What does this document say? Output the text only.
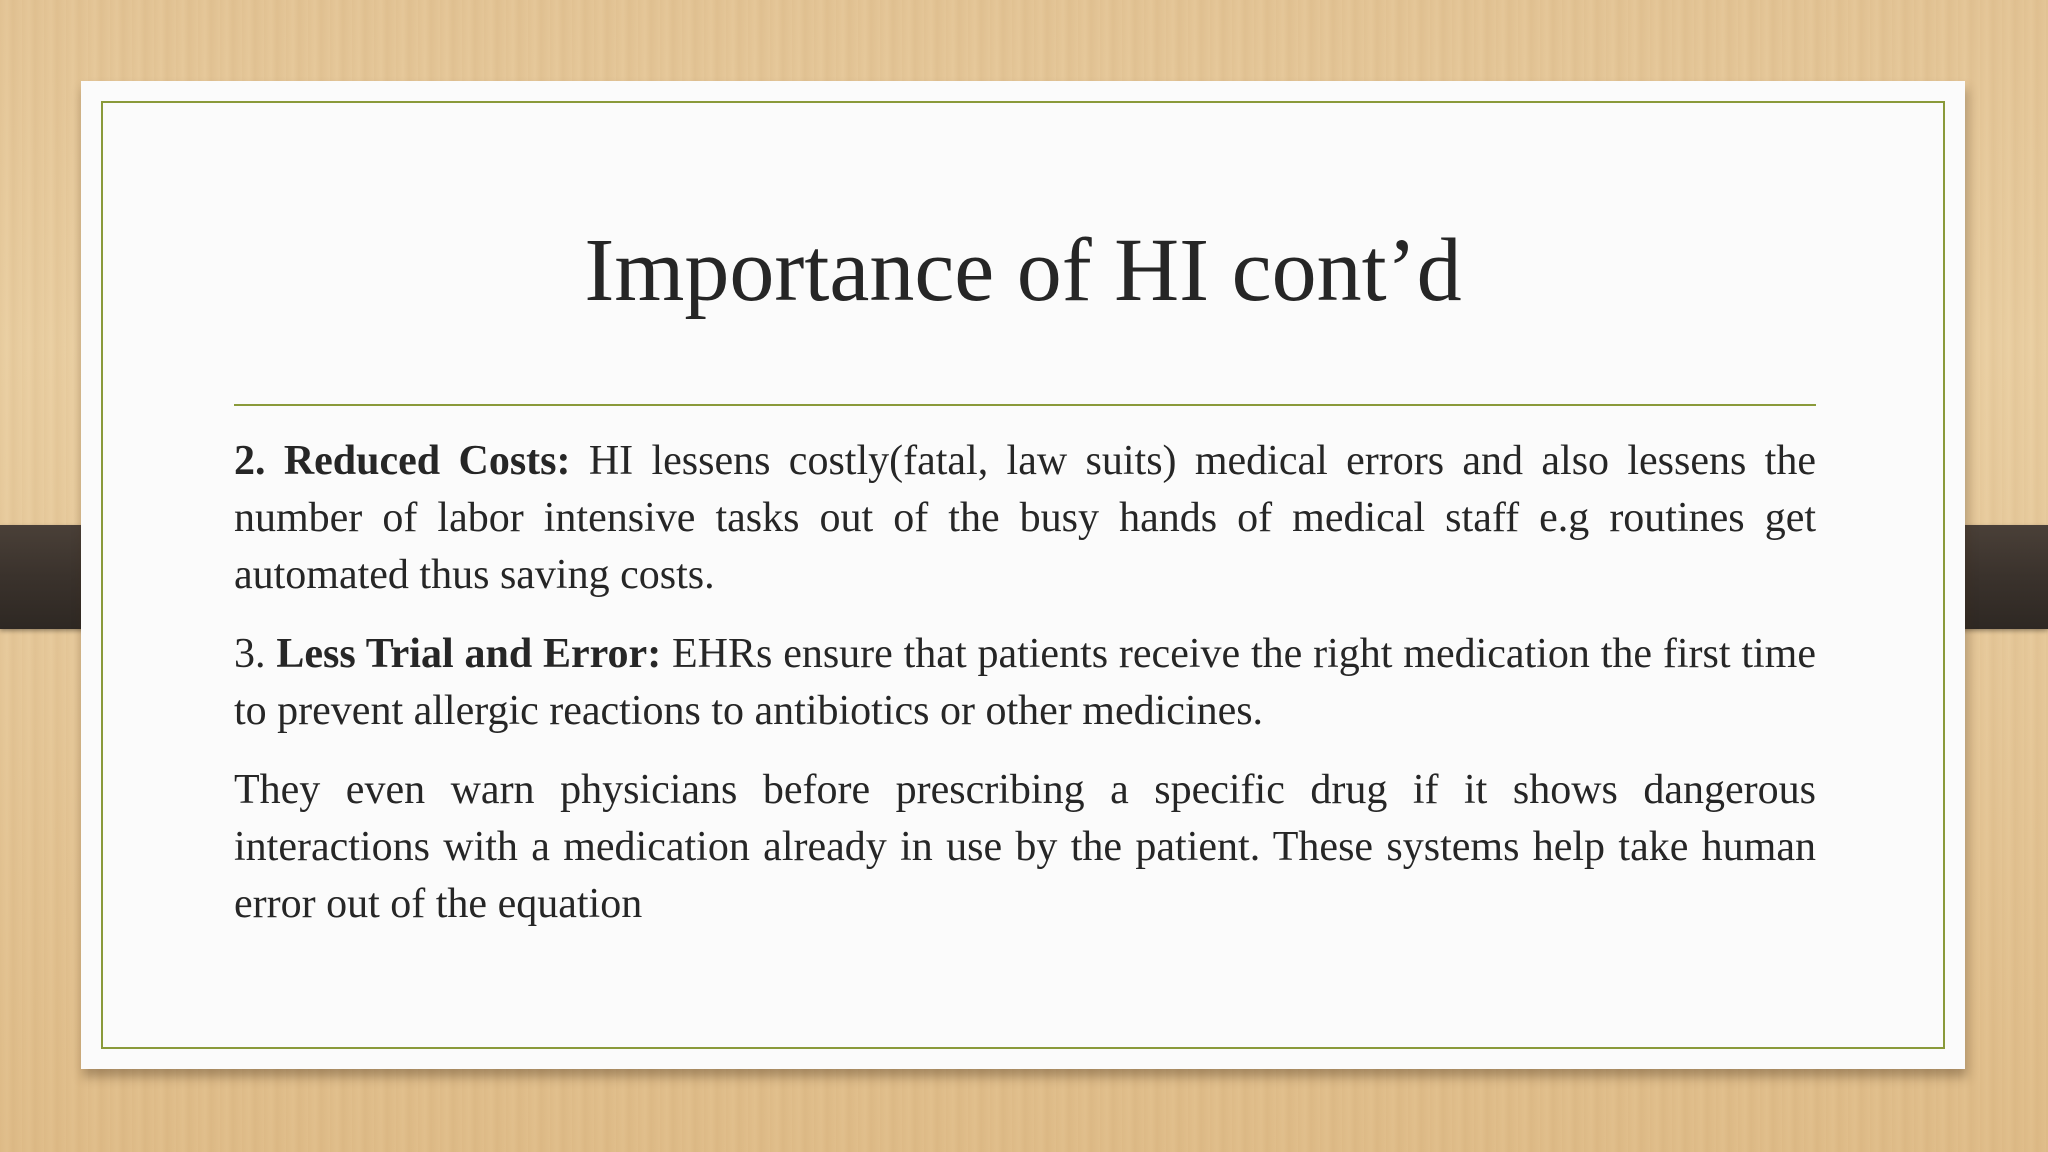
Importance of HI cont’d

2. Reduced Costs: HI lessens costly(fatal, law suits) medical errors and also lessens the number of labor intensive tasks out of the busy hands of medical staff e.g routines get automated thus saving costs.

3. Less Trial and Error: EHRs ensure that patients receive the right medication the first time to prevent allergic reactions to antibiotics or other medicines.

They even warn physicians before prescribing a specific drug if it shows dangerous interactions with a medication already in use by the patient. These systems help take human error out of the equation
